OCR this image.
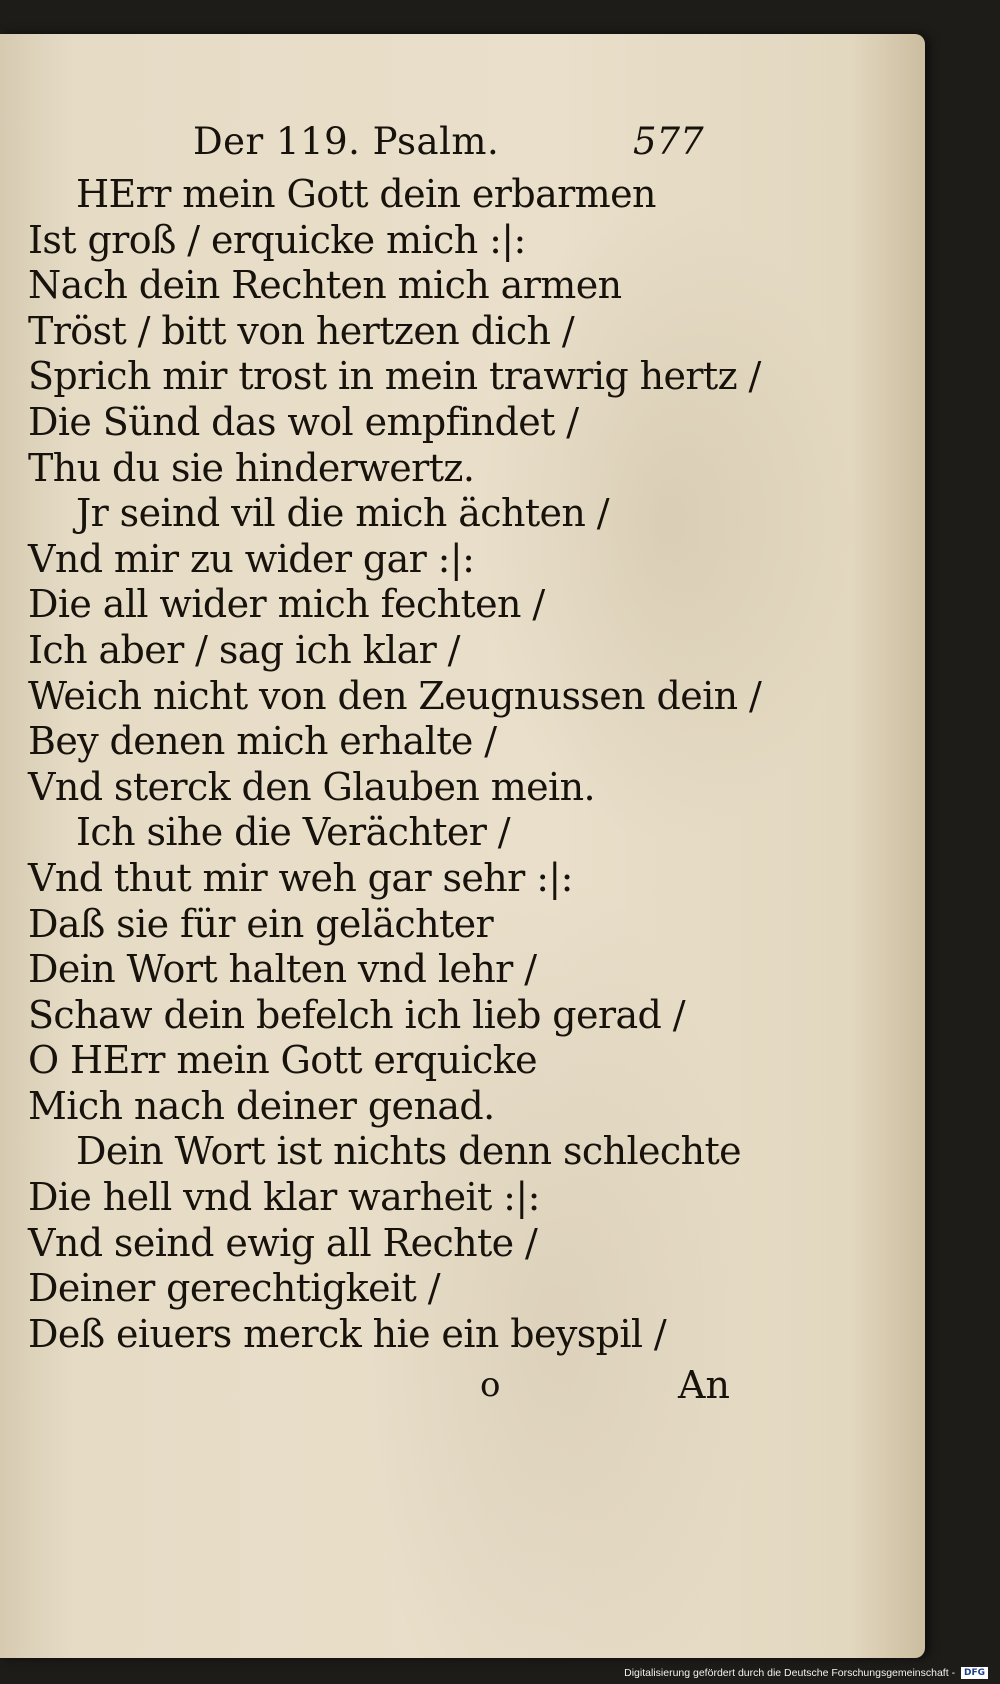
Der 119. Psalm.	577
HErr mein Gott dein erbarmen
Ist groß / erquicke mich :|:
Nach dein Rechten mich armen
Tröst / bitt von hertzen dich /
Sprich mir trost in mein trawrig hertz /
Die Sünd das wol empfindet /
Thu du sie hinderwertz.
Jr seind vil die mich ächten /
Vnd mir zu wider gar :|:
Die all wider mich fechten /
Ich aber / sag ich klar /
Weich nicht von den Zeugnussen dein /
Bey denen mich erhalte /
Vnd sterck den Glauben mein.
Ich sihe die Verächter /
Vnd thut mir weh gar sehr :|:
Daß sie für ein gelächter
Dein Wort halten vnd lehr /
Schaw dein befelch ich lieb gerad /
O HErr mein Gott erquicke
Mich nach deiner genad.
Dein Wort ist nichts denn schlechte
Die hell vnd klar warheit :|:
Vnd seind ewig all Rechte /
Deiner gerechtigkeit /
Deß eiuers merck hie ein beyspil /
o	An
Digitalisierung gefördert durch die Deutsche Forschungsgemeinschaft - DFG
